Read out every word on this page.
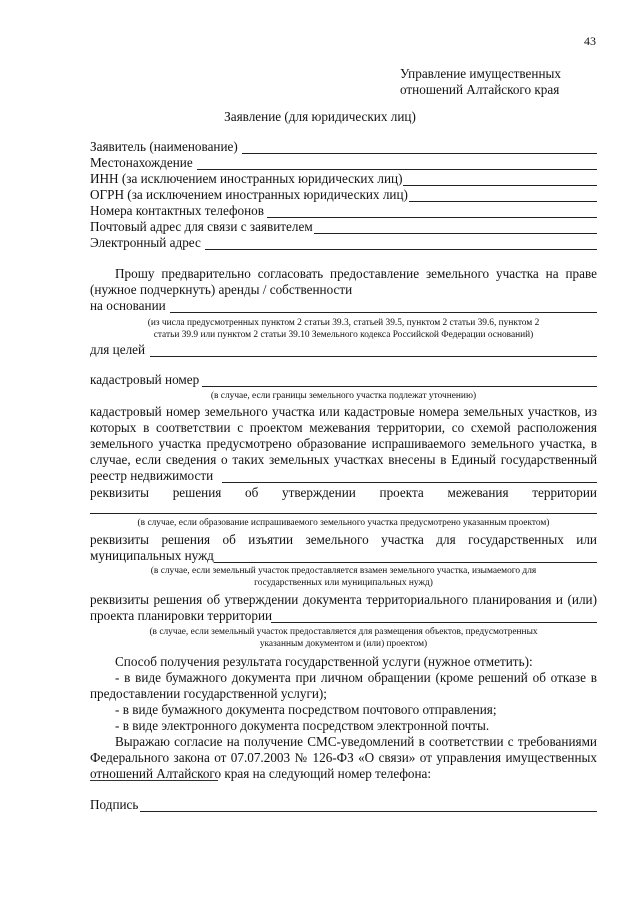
43
Управление имущественных
отношений Алтайского края
Заявление (для юридических лиц)
Заявитель (наименование)
Местонахождение
ИНН (за исключением иностранных юридических лиц)
ОГРН (за исключением иностранных юридических лиц)
Номера контактных телефонов
Почтовый адрес для связи с заявителем
Электронный адрес
Прошу предварительно согласовать предоставление земельного участка на праве
(нужное подчеркнуть) аренды / собственности
на основании
(из числа предусмотренных пунктом 2 статьи 39.3, статьей 39.5, пунктом 2 статьи 39.6, пунктом 2
статьи 39.9 или пунктом 2 статьи 39.10 Земельного кодекса Российской Федерации оснований)
для целей
кадастровый номер
(в случае, если границы земельного участка подлежат уточнению)
кадастровый номер земельного участка или кадастровые номера земельных участков, из
которых в соответствии с проектом межевания территории, со схемой расположения
земельного участка предусмотрено образование испрашиваемого земельного участка, в
случае, если сведения о таких земельных участках внесены в Единый государственный
реестр недвижимости
реквизиты решения об утверждении проекта межевания территории
(в случае, если образование испрашиваемого земельного участка предусмотрено указанным проектом)
реквизиты решения об изъятии земельного участка для государственных или
муниципальных нужд
(в случае, если земельный участок предоставляется взамен земельного участка, изымаемого для
государственных или муниципальных нужд)
реквизиты решения об утверждении документа территориального планирования и (или)
проекта планировки территории
(в случае, если земельный участок предоставляется для размещения объектов, предусмотренных
указанным документом и (или) проектом)
Способ получения результата государственной услуги (нужное отметить):
- в виде бумажного документа при личном обращении (кроме решений об отказе в
предоставлении государственной услуги);
- в виде бумажного документа посредством почтового отправления;
- в виде электронного документа посредством электронной почты.
Выражаю согласие на получение СМС-уведомлений в соответствии с требованиями
Федерального закона от 07.07.2003 № 126-ФЗ «О связи» от управления имущественных
отношений Алтайского края на следующий номер телефона:
Подпись
